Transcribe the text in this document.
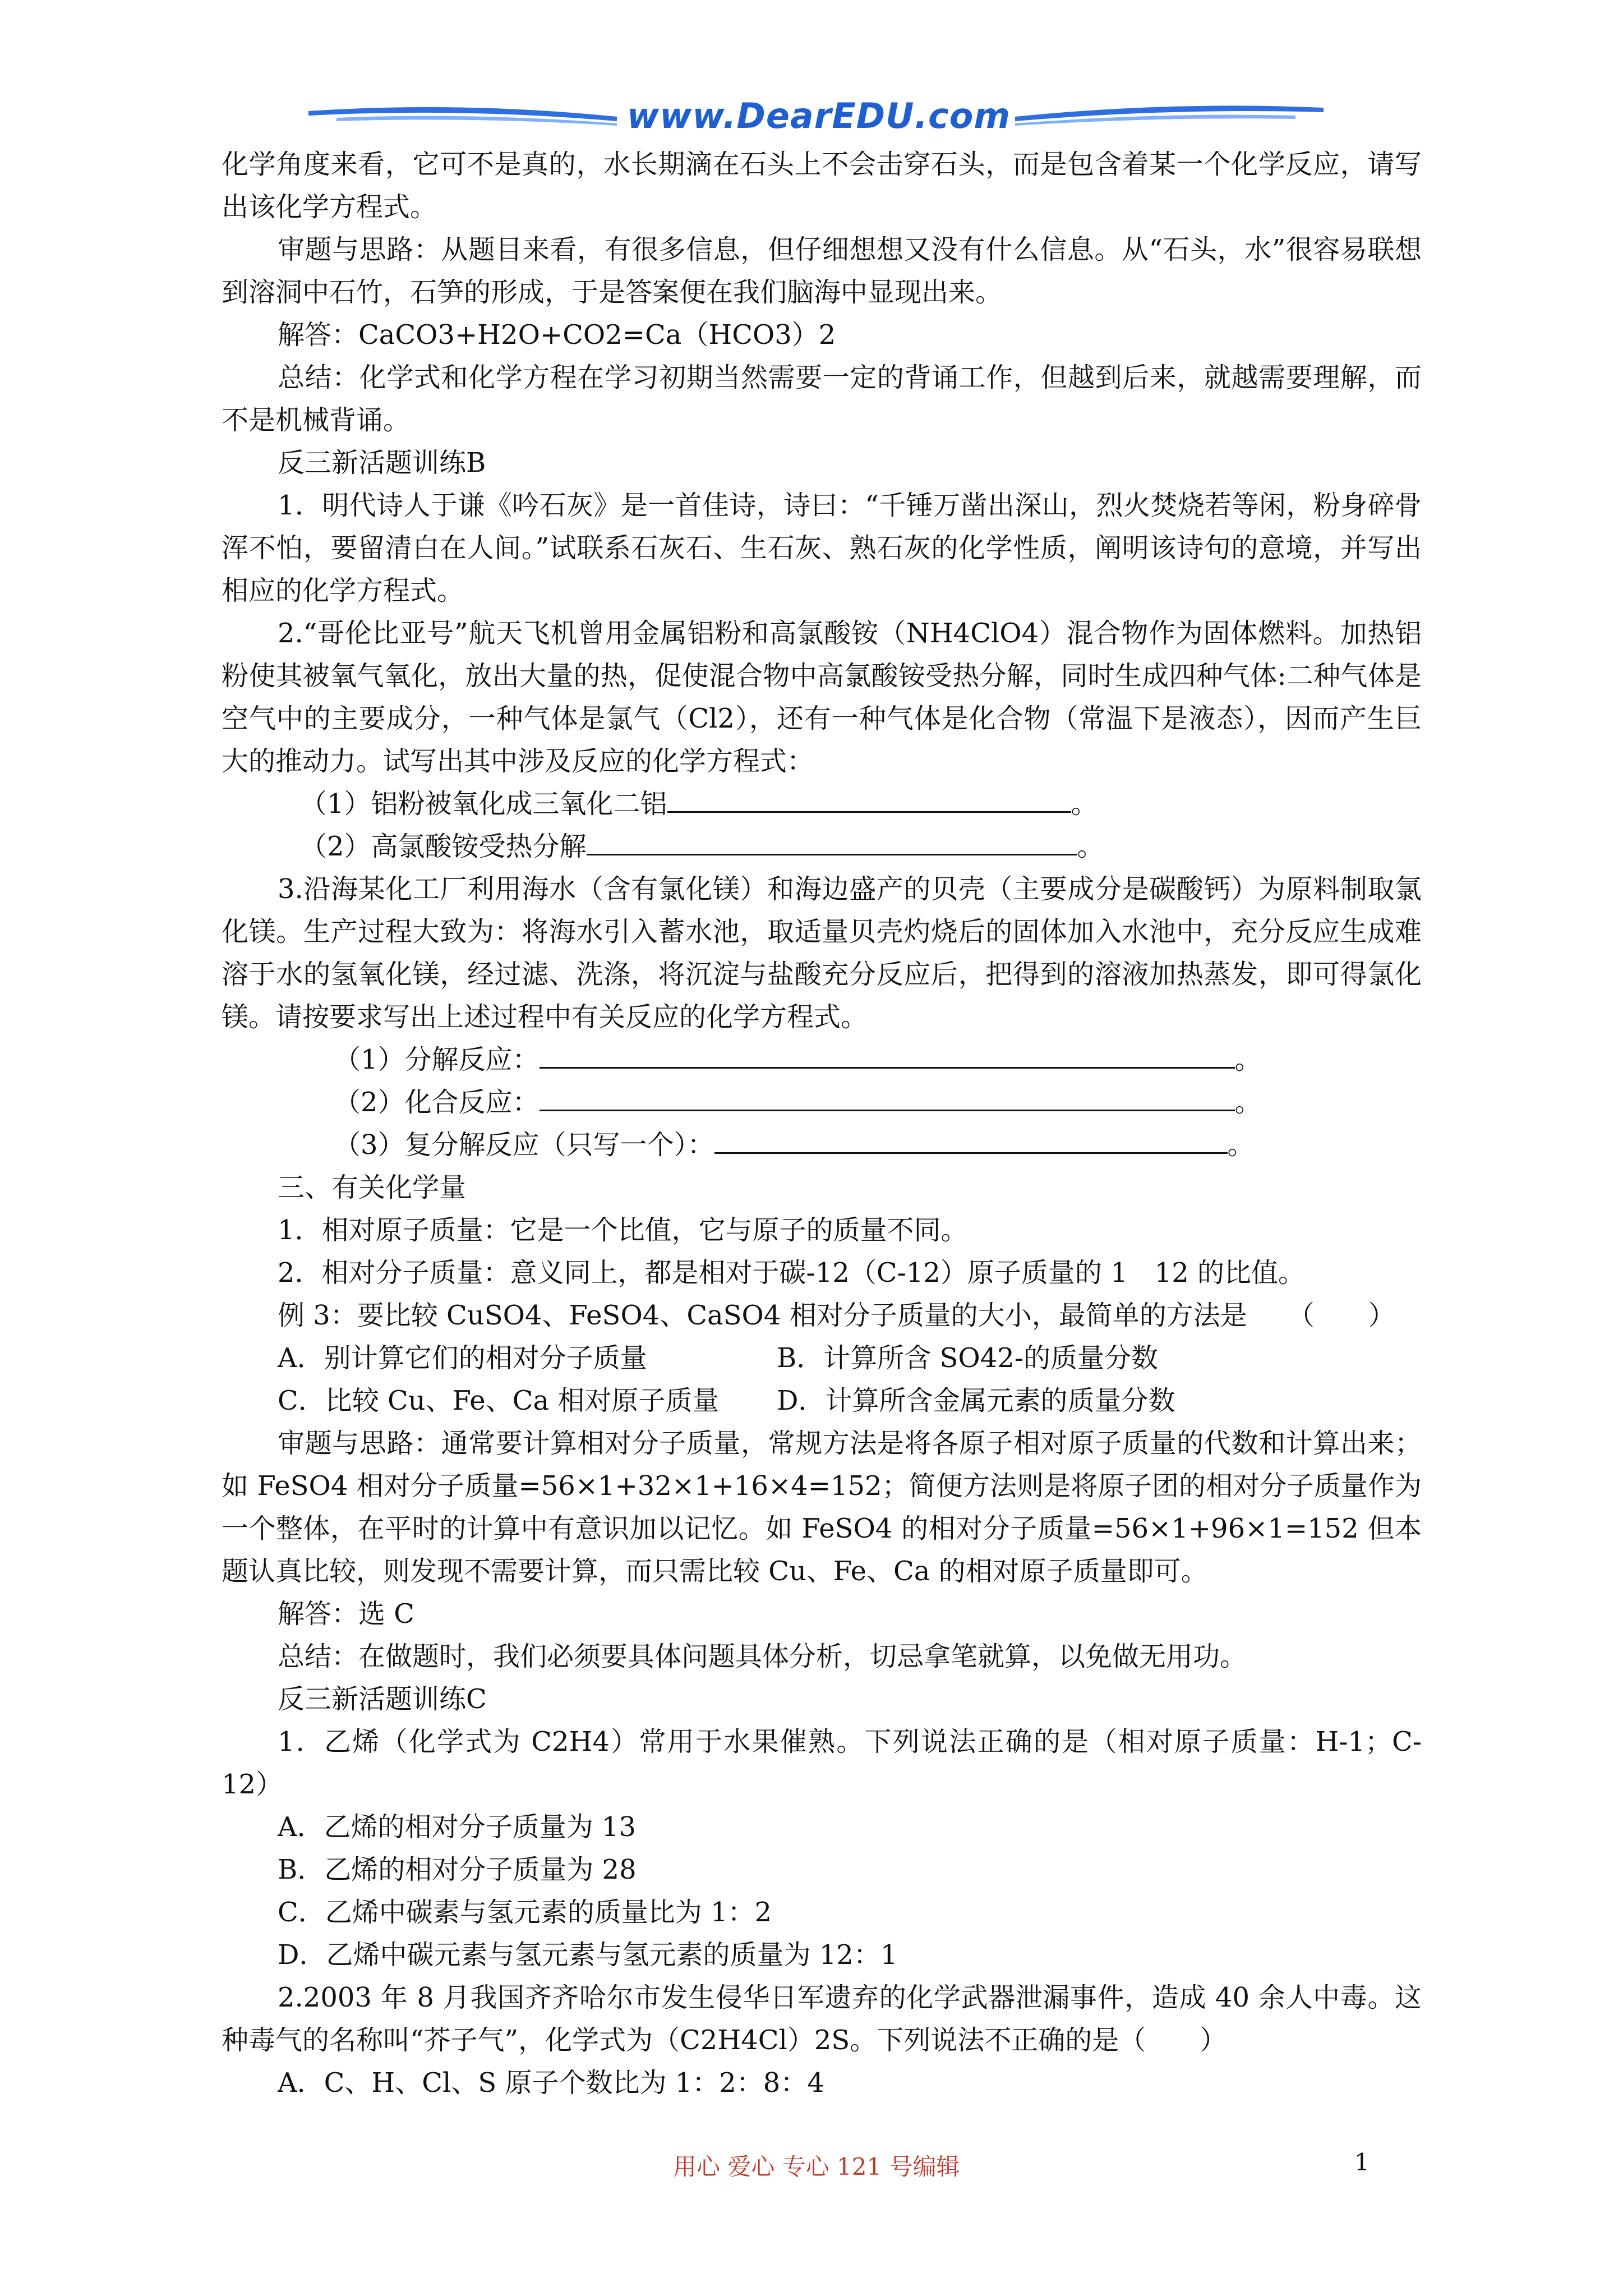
www.DearEDU.com

化学角度来看，它可不是真的，水长期滴在石头上不会击穿石头，而是包含着某一个化学反应，请写出该化学方程式。

审题与思路：从题目来看，有很多信息，但仔细想想又没有什么信息。从“石头，水”很容易联想到溶洞中石竹，石笋的形成，于是答案便在我们脑海中显现出来。

解答：CaCO3+H2O+CO2=Ca（HCO3）2

总结：化学式和化学方程在学习初期当然需要一定的背诵工作，但越到后来，就越需要理解，而不是机械背诵。

反三新活题训练B

1．明代诗人于谦《吟石灰》是一首佳诗，诗曰：“千锤万凿出深山，烈火焚烧若等闲，粉身碎骨浑不怕，要留清白在人间。”试联系石灰石、生石灰、熟石灰的化学性质，阐明该诗句的意境，并写出相应的化学方程式。

2.“哥伦比亚号”航天飞机曾用金属铝粉和高氯酸铵（NH4ClO4）混合物作为固体燃料。加热铝粉使其被氧气氧化，放出大量的热，促使混合物中高氯酸铵受热分解，同时生成四种气体:二种气体是空气中的主要成分，一种气体是氯气（Cl2），还有一种气体是化合物（常温下是液态），因而产生巨大的推动力。试写出其中涉及反应的化学方程式：

（1）铝粉被氧化成三氧化二铝	。

（2）高氯酸铵受热分解	。

3.沿海某化工厂利用海水（含有氯化镁）和海边盛产的贝壳（主要成分是碳酸钙）为原料制取氯化镁。生产过程大致为：将海水引入蓄水池，取适量贝壳灼烧后的固体加入水池中，充分反应生成难溶于水的氢氧化镁，经过滤、洗涤，将沉淀与盐酸充分反应后，把得到的溶液加热蒸发，即可得氯化镁。请按要求写出上述过程中有关反应的化学方程式。

（1）分解反应：	。

（2）化合反应：	。

（3）复分解反应（只写一个）：	。

三、有关化学量

1．相对原子质量：它是一个比值，它与原子的质量不同。

2．相对分子质量：意义同上，都是相对于碳-12（C-12）原子质量的 1　12 的比值。

例 3：要比较 CuSO4、FeSO4、CaSO4 相对分子质量的大小，最简单的方法是　　（　　）

A．别计算它们的相对分子质量	B．计算所含 SO42-的质量分数

C．比较 Cu、Fe、Ca 相对原子质量	D．计算所含金属元素的质量分数

审题与思路：通常要计算相对分子质量，常规方法是将各原子相对原子质量的代数和计算出来；如 FeSO4 相对分子质量=56×1+32×1+16×4=152；简便方法则是将原子团的相对分子质量作为一个整体，在平时的计算中有意识加以记忆。如 FeSO4 的相对分子质量=56×1+96×1=152 但本题认真比较，则发现不需要计算，而只需比较 Cu、Fe、Ca 的相对原子质量即可。

解答：选 C

总结：在做题时，我们必须要具体问题具体分析，切忌拿笔就算，以免做无用功。

反三新活题训练C

1．乙烯（化学式为 C2H4）常用于水果催熟。下列说法正确的是（相对原子质量：H-1；C-12）

A．乙烯的相对分子质量为 13

B．乙烯的相对分子质量为 28

C．乙烯中碳素与氢元素的质量比为 1：2

D．乙烯中碳元素与氢元素与氢元素的质量为 12：1

2.2003 年 8 月我国齐齐哈尔市发生侵华日军遗弃的化学武器泄漏事件，造成 40 余人中毒。这种毒气的名称叫“芥子气”，化学式为（C2H4Cl）2S。下列说法不正确的是（　　）

A．C、H、Cl、S 原子个数比为 1：2：8：4

用心 爱心 专心 121 号编辑	1
